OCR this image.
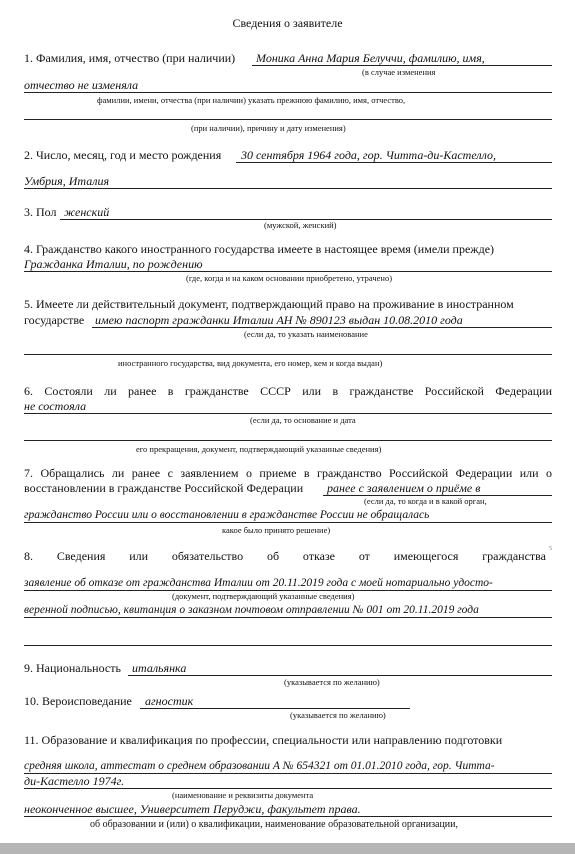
Сведения о заявителе
1. Фамилия, имя, отчество (при наличии) Моника Анна Мария Белуччи, фамилию, имя,
(в случае изменения
отчество не изменяла
фамилии, имени, отчества (при наличии) указать прежнюю фамилию, имя, отчество,
(при наличии), причину и дату изменения)
2. Число, месяц, год и место рождения 30 сентября 1964 года, гор. Читта-ди-Кастелло,
Умбрия, Италия
3. Пол женский
(мужской, женский)
4. Гражданство какого иностранного государства имеете в настоящее время (имели прежде)
Гражданка Италии, по рождению
(где, когда и на каком основании приобретено, утрачено)
5. Имеете ли действительный документ, подтверждающий право на проживание в иностранном
государстве имею паспорт гражданки Италии АН № 890123 выдан 10.08.2010 года
(если да, то указать наименование
иностранного государства, вид документа, его номер, кем и когда выдан)
6. Состояли ли ранее в гражданстве СССР или в гражданстве Российской Федерации
не состояла
(если да, то основание и дата
его прекращения, документ, подтверждающий указанные сведения)
7. Обращались ли ранее с заявлением о приеме в гражданство Российской Федерации или о
восстановлении в гражданстве Российской Федерации ранее с заявлением о приёме в
(если да, то когда и в какой орган,
гражданство России или о восстановлении в гражданстве России не обращалась
какое было принято решение)
8. Сведения или обязательство об отказе от имеющегося гражданства 5
заявление об отказе от гражданства Италии от 20.11.2019 года с моей нотариально удосто-
(документ, подтверждающий указанные сведения)
веренной подписью, квитанция о заказном почтовом отправлении № 001 от 20.11.2019 года
9. Национальность итальянка
(указывается по желанию)
10. Вероисповедание агностик
(указывается по желанию)
11. Образование и квалификация по профессии, специальности или направлению подготовки
средняя школа, аттестат о среднем образовании А № 654321 от 01.01.2010 года, гор. Читта-
ди-Кастелло 1974г.
(наименование и реквизиты документа
неоконченное высшее, Университет Перуджи, факультет права.
об образовании и (или) о квалификации, наименование образовательной организации,
